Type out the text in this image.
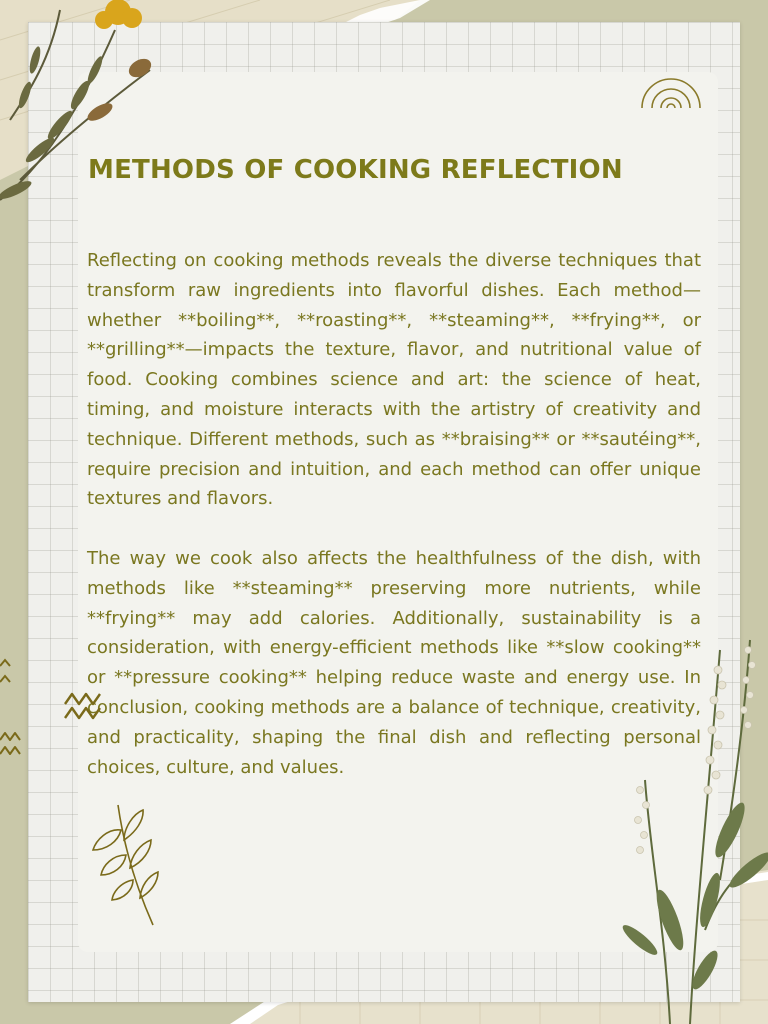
METHODS OF COOKING REFLECTION

Reflecting on cooking methods reveals the diverse techniques that transform raw ingredients into flavorful dishes. Each method—whether **boiling**, **roasting**, **steaming**, **frying**, or **grilling**—impacts the texture, flavor, and nutritional value of food. Cooking combines science and art: the science of heat, timing, and moisture interacts with the artistry of creativity and technique. Different methods, such as **braising** or **sautéing**, require precision and intuition, and each method can offer unique textures and flavors.

The way we cook also affects the healthfulness of the dish, with methods like **steaming** preserving more nutrients, while **frying** may add calories. Additionally, sustainability is a consideration, with energy-efficient methods like **slow cooking** or **pressure cooking** helping reduce waste and energy use. In conclusion, cooking methods are a balance of technique, creativity, and practicality, shaping the final dish and reflecting personal choices, culture, and values.
